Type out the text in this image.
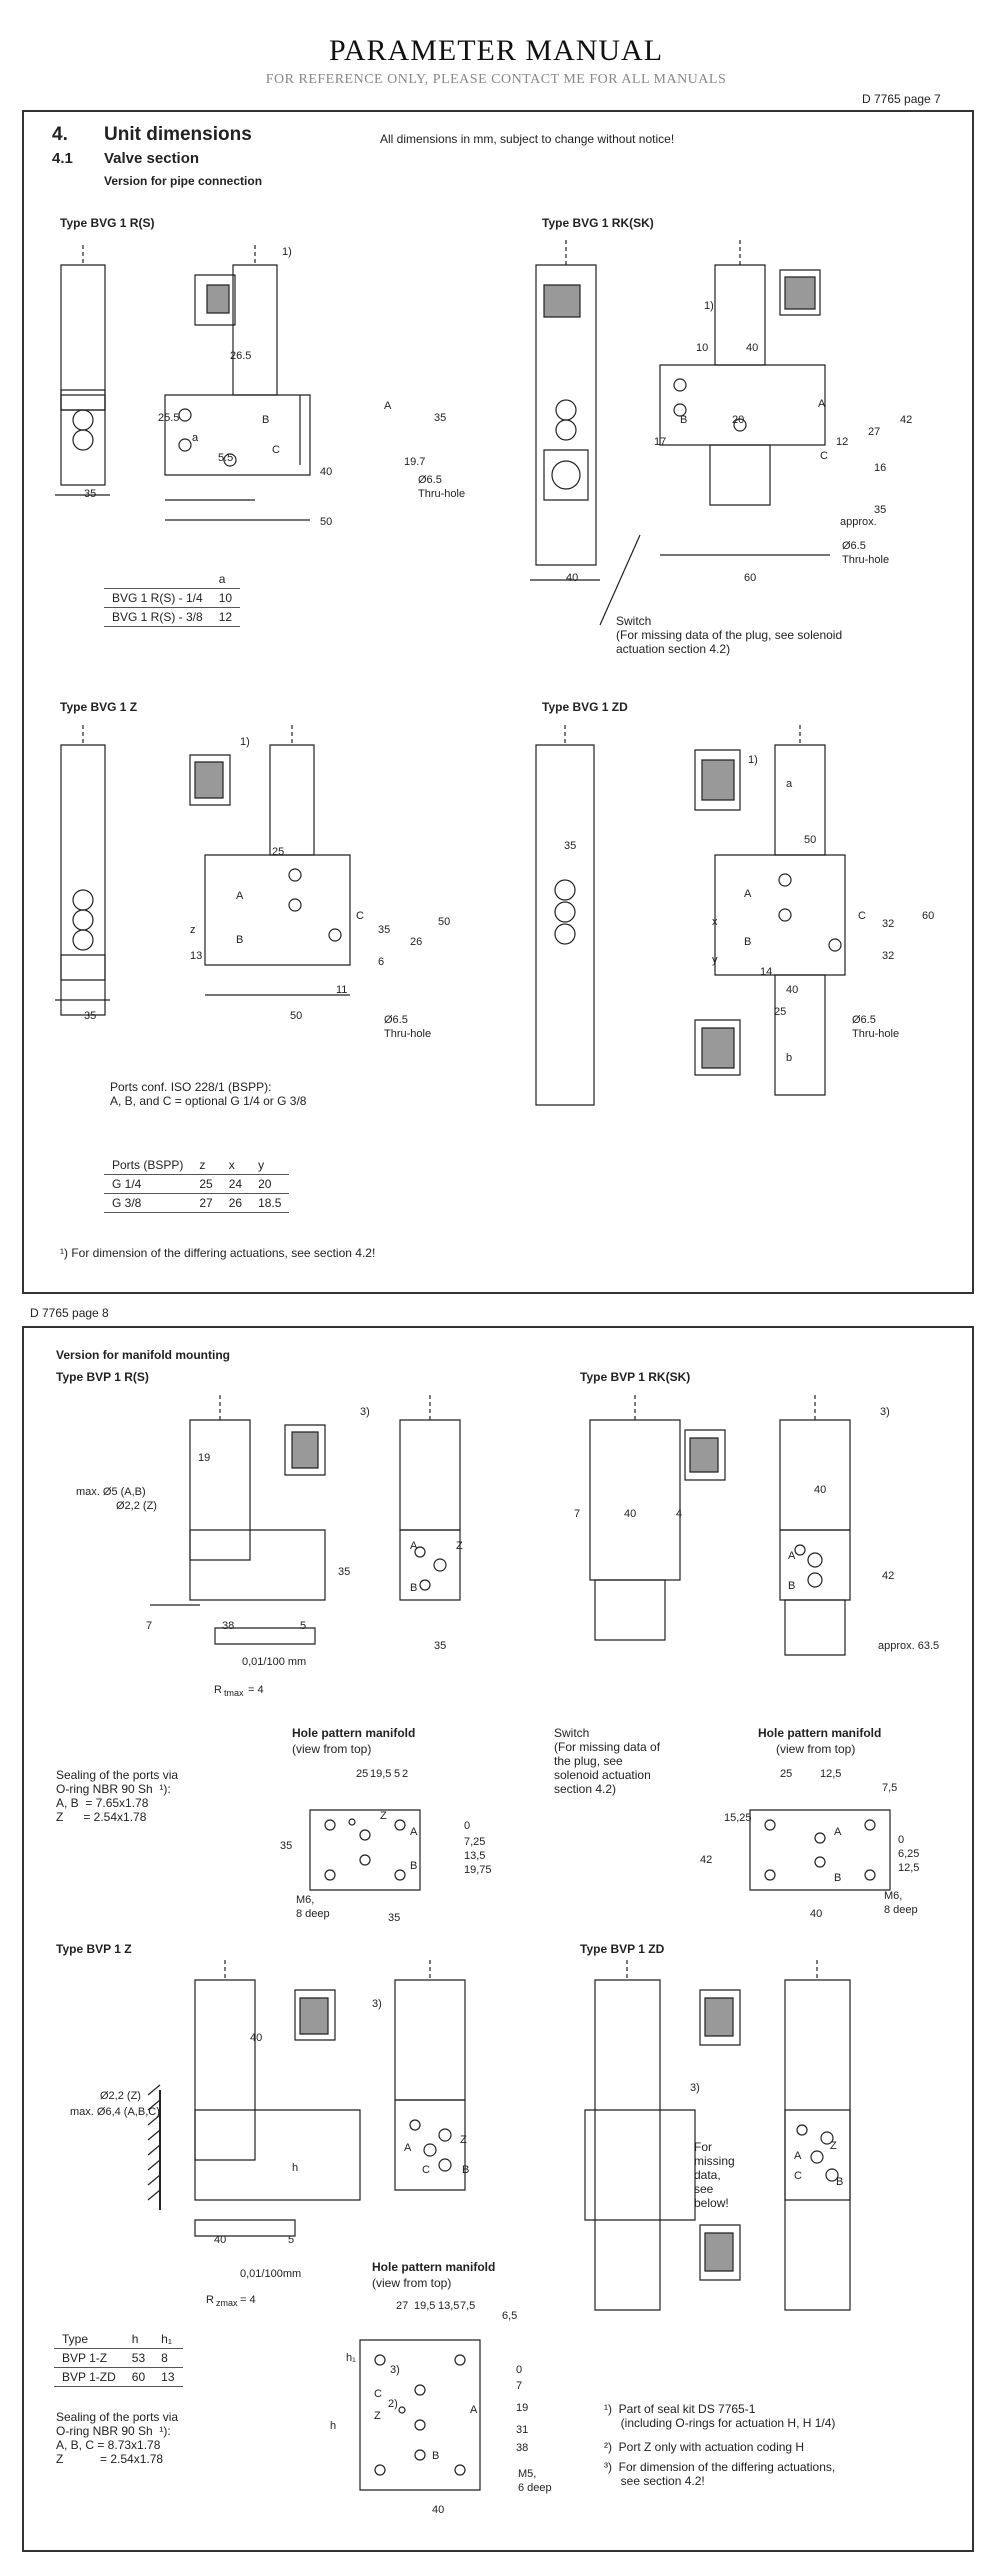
PARAMETER MANUAL
FOR REFERENCE ONLY, PLEASE CONTACT ME FOR ALL MANUALS
D 7765 page 7
4. Unit dimensions
4.1 Valve section
Version for pipe connection
All dimensions in mm, subject to change without notice!
Type BVG 1 R(S)
26.5
25.5
a
5.5
40
19.7
35
A
B
C
Ø6.5
Thru-hole
35
50
1)
	a
BVG 1 R(S) - 1/4	10
BVG 1 R(S) - 3/8	12
Type BVG 1 RK(SK)
10	40
A
B	20
17	12
27
42
C
16
35
approx.
Ø6.5
Thru-hole
40	60
1)
Switch
(For missing data of the plug, see solenoid
actuation section 4.2)
Type BVG 1 Z
25
A
z
B
C
13
35
26
50
6
11
35	50	Ø6.5
Thru-hole
1)
Ports conf. ISO 228/1 (BSPP):
A, B, and C = optional G 1/4 or G 3/8
Ports (BSPP)	z	x	y
G 1/4	25	24	20
G 3/8	27	26	18.5
¹) For dimension of the differing actuations, see section 4.2!
Type BVG 1 ZD
35	50
A
x
B
y
C
32
60
32
14
40
25
Ø6.5
Thru-hole
a
b
1)
D 7765 page 8
Version for manifold mounting
Type BVP 1 R(S)
19
max. Ø5 (A,B)
Ø2,2 (Z)
35
7	38	5
0,01/100 mm
R tmax = 4
A	Z
B
35
3)
Hole pattern manifold
(view from top)
25 19,5 5 2
Z
0
7,25
13,5
19,75
A
B
35
M6,
8 deep	35
Sealing of the ports via
O-ring NBR 90 Sh  ¹):
A, B  = 7.65x1.78
Z      = 2.54x1.78
Type BVP 1 RK(SK)
7	40	4
40
42
approx. 63.5
A
B
3)
Switch
(For missing data of
the plug, see
solenoid actuation
section 4.2)
Hole pattern manifold
(view from top)
25	12,5
7,5
15,25
42
0
6,25
12,5
A
B
M6,
8 deep
40
Type BVP 1 Z
40
max. Ø6,4 (A,B,C)
Ø2,2 (Z)
h
40	5
0,01/100mm
R zmax = 4
A
C	B
Z
3)
Type	h	h₁
BVP 1-Z	53	8
BVP 1-ZD	60	13
Sealing of the ports via
O-ring NBR 90 Sh  ¹):
A, B, C = 8.73x1.78
Z           = 2.54x1.78
Hole pattern manifold
(view from top)
27 19,5 13,5 7,5
6,5
h₁
0
7
19
31
38
h
A
C
Z
B
2)
3)
M5,
6 deep
40
Type BVP 1 ZD
For
missing
data,
see
below!
A
Z
C	B
3)
¹)  Part of seal kit DS 7765-1
(including O-rings for actuation H, H 1/4)
²)  Port Z only with actuation coding H
³)  For dimension of the differing actuations,
see section 4.2!
